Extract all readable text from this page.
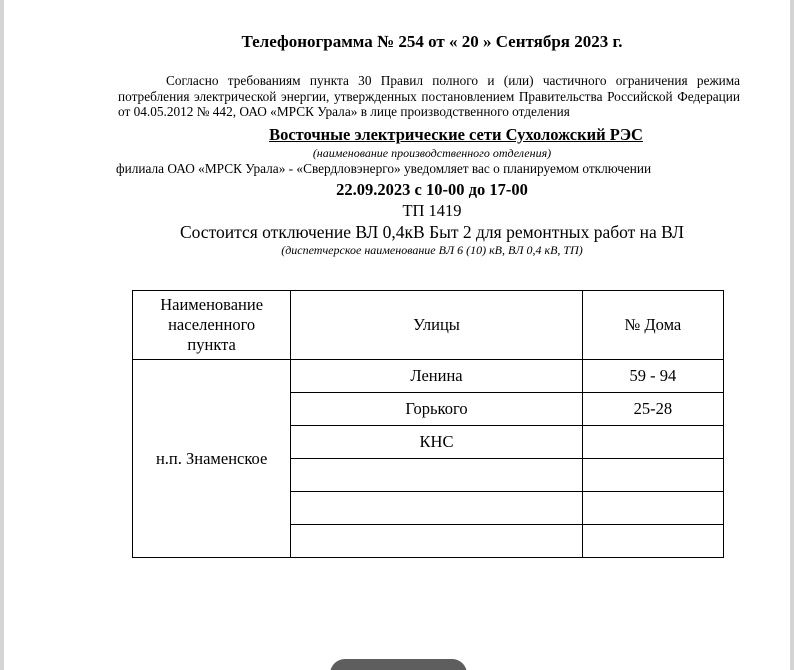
Телефонограмма № 254 от « 20 » Сентября 2023 г.
Согласно требованиям пункта 30 Правил полного и (или) частичного ограничения режима потребления электрической энергии, утвержденных постановлением Правительства Российской Федерации от 04.05.2012 № 442, ОАО «МРСК Урала» в лице производственного отделения
Восточные электрические сети Сухоложский РЭС
(наименование производственного отделения)
филиала ОАО «МРСК Урала» - «Свердловэнерго» уведомляет вас о планируемом отключении
22.09.2023 с 10-00 до 17-00
ТП 1419
Состоится отключение ВЛ 0,4кВ Быт 2 для ремонтных работ на ВЛ
(диспетчерское наименование ВЛ 6 (10) кВ, ВЛ 0,4 кВ, ТП)
Наименование
населенного
пункта	Улицы	№ Дома
н.п. Знаменское	Ленина	59 - 94
	Горького	25-28
	КНС	
